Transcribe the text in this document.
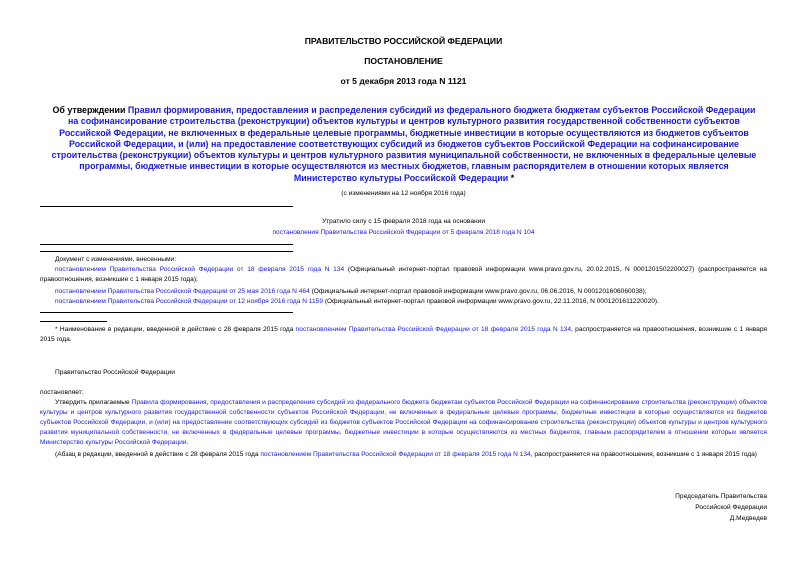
ПРАВИТЕЛЬСТВО РОССИЙСКОЙ ФЕДЕРАЦИИ
ПОСТАНОВЛЕНИЕ
от 5 декабря 2013 года N 1121
Об утверждении Правил формирования, предоставления и распределения субсидий из федерального бюджета бюджетам субъектов Российской Федерации на софинансирование строительства (реконструкции) объектов культуры и центров культурного развития государственной собственности субъектов Российской Федерации, не включенных в федеральные целевые программы, бюджетные инвестиции в которые осуществляются из бюджетов субъектов Российской Федерации, и (или) на предоставление соответствующих субсидий из бюджетов субъектов Российской Федерации на софинансирование строительства (реконструкции) объектов культуры и центров культурного развития муниципальной собственности, не включенных в федеральные целевые программы, бюджетные инвестиции в которые осуществляются из местных бюджетов, главным распорядителем в отношении которых является Министерство культуры Российской Федерации *
(с изменениями на 12 ноября 2016 года)
Утратило силу с 15 февраля 2018 года на основании
постановления Правительства Российской Федерации от 5 февраля 2018 года N 104
Документ с изменениями, внесенными:
постановлением Правительства Российской Федерации от 18 февраля 2015 года N 134 (Официальный интернет-портал правовой информации www.pravo.gov.ru, 20.02.2015, N 0001201502200027) (распространяется на правоотношения, возникшие с 1 января 2015 года);
постановлением Правительства Российской Федерации от 25 мая 2016 года N 464 (Официальный интернет-портал правовой информации www.pravo.gov.ru, 06.06.2016, N 0001201606060038);
постановлением Правительства Российской Федерации от 12 ноября 2016 года N 1159 (Официальный интернет-портал правовой информации www.pravo.gov.ru, 22.11.2016, N 0001201611220020).
* Наименование в редакции, введенной в действие с 28 февраля 2015 года постановлением Правительства Российской Федерации от 18 февраля 2015 года N 134, распространяется на правоотношения, возникшие с 1 января 2015 года.
Правительство Российской Федерации
постановляет:
Утвердить прилагаемые Правила формирования, предоставления и распределения субсидий из федерального бюджета бюджетам субъектов Российской Федерации на софинансирование строительства (реконструкции) объектов культуры и центров культурного развития государственной собственности субъектов Российской Федерации, не включенных в федеральные целевые программы, бюджетные инвестиции в которые осуществляются из бюджетов субъектов Российской Федерации, и (или) на предоставление соответствующих субсидий из бюджетов субъектов Российской Федерации на софинансирование строительства (реконструкции) объектов культуры и центров культурного развития муниципальной собственности, не включенных в федеральные целевые программы, бюджетные инвестиции в которые осуществляются из местных бюджетов, главным распорядителем в отношении которых является Министерство культуры Российской Федерации.
(Абзац в редакции, введенной в действие с 28 февраля 2015 года постановлением Правительства Российской Федерации от 18 февраля 2015 года N 134, распространяется на правоотношения, возникшие с 1 января 2015 года)
Председатель Правительства
Российской Федерации
Д.Медведев
